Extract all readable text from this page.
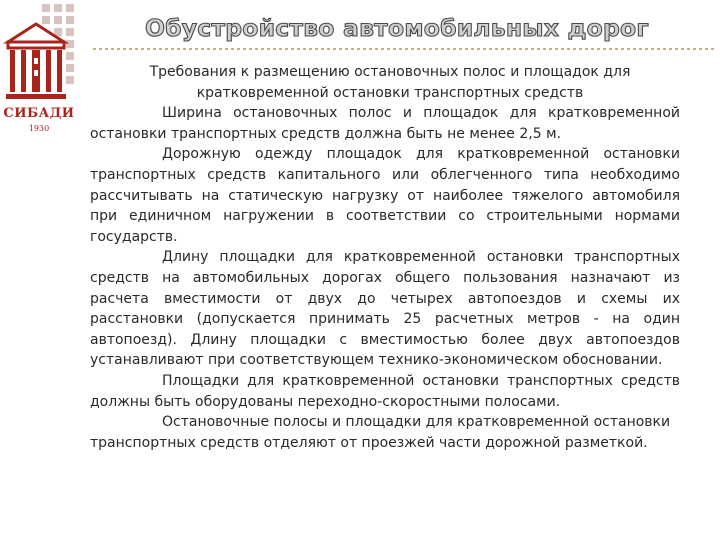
СИБАДИ
1930
Обустройство автомобильных дорог

Требования к размещению остановочных полос и площадок для кратковременной остановки транспортных средств

Ширина остановочных полос и площадок для кратковременной остановки транспортных средств должна быть не менее 2,5 м.

Дорожную одежду площадок для кратковременной остановки транспортных средств капитального или облегченного типа необходимо рассчитывать на статическую нагрузку от наиболее тяжелого автомобиля при единичном нагружении в соответствии со строительными нормами государств.

Длину площадки для кратковременной остановки транспортных средств на автомобильных дорогах общего пользования назначают из расчета вместимости от двух до четырех автопоездов и схемы их расстановки (допускается принимать 25 расчетных метров - на один автопоезд). Длину площадки с вместимостью более двух автопоездов устанавливают при соответствующем технико-экономическом обосновании.

Площадки для кратковременной остановки транспортных средств должны быть оборудованы переходно-скоростными полосами.

Остановочные полосы и площадки для кратковременной остановки транспортных средств отделяют от проезжей части дорожной разметкой.
